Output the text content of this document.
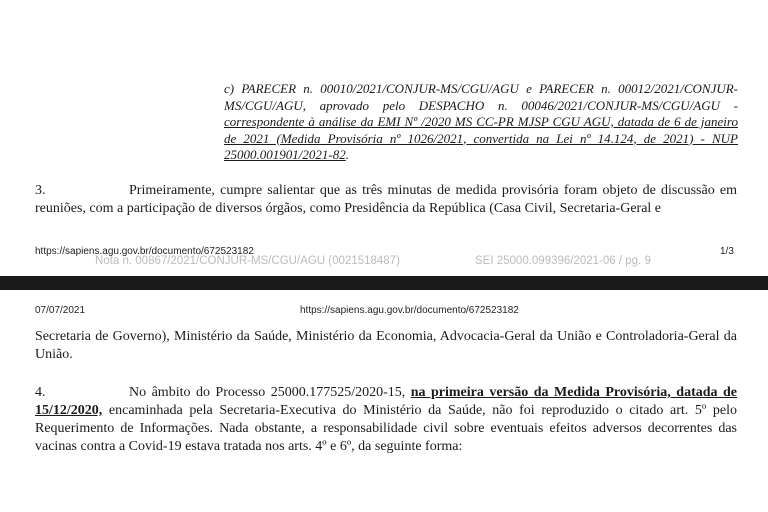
c) PARECER n. 00010/2021/CONJUR-MS/CGU/AGU e PARECER n. 00012/2021/CONJUR-MS/CGU/AGU, aprovado pelo DESPACHO n. 00046/2021/CONJUR-MS/CGU/AGU - correspondente à análise da EMI Nº /2020 MS CC-PR MJSP CGU AGU, datada de 6 de janeiro de 2021 (Medida Provisória nº 1026/2021, convertida na Lei nº 14.124, de 2021) - NUP 25000.001901/2021-82.

3.	Primeiramente, cumpre salientar que as três minutas de medida provisória foram objeto de discussão em reuniões, com a participação de diversos órgãos, como Presidência da República (Casa Civil, Secretaria-Geral e

https://sapiens.agu.gov.br/documento/672523182	1/3
Nota n. 00867/2021/CONJUR-MS/CGU/AGU (0021518487)	SEI 25000.099396/2021-06 / pg. 9
07/07/2021	https://sapiens.agu.gov.br/documento/672523182

Secretaria de Governo), Ministério da Saúde, Ministério da Economia, Advocacia-Geral da União e Controladoria-Geral da União.

4.	No âmbito do Processo 25000.177525/2020-15, na primeira versão da Medida Provisória, datada de 15/12/2020, encaminhada pela Secretaria-Executiva do Ministério da Saúde, não foi reproduzido o citado art. 5º pelo Requerimento de Informações. Nada obstante, a responsabilidade civil sobre eventuais efeitos adversos decorrentes das vacinas contra a Covid-19 estava tratada nos arts. 4º e 6º, da seguinte forma:
